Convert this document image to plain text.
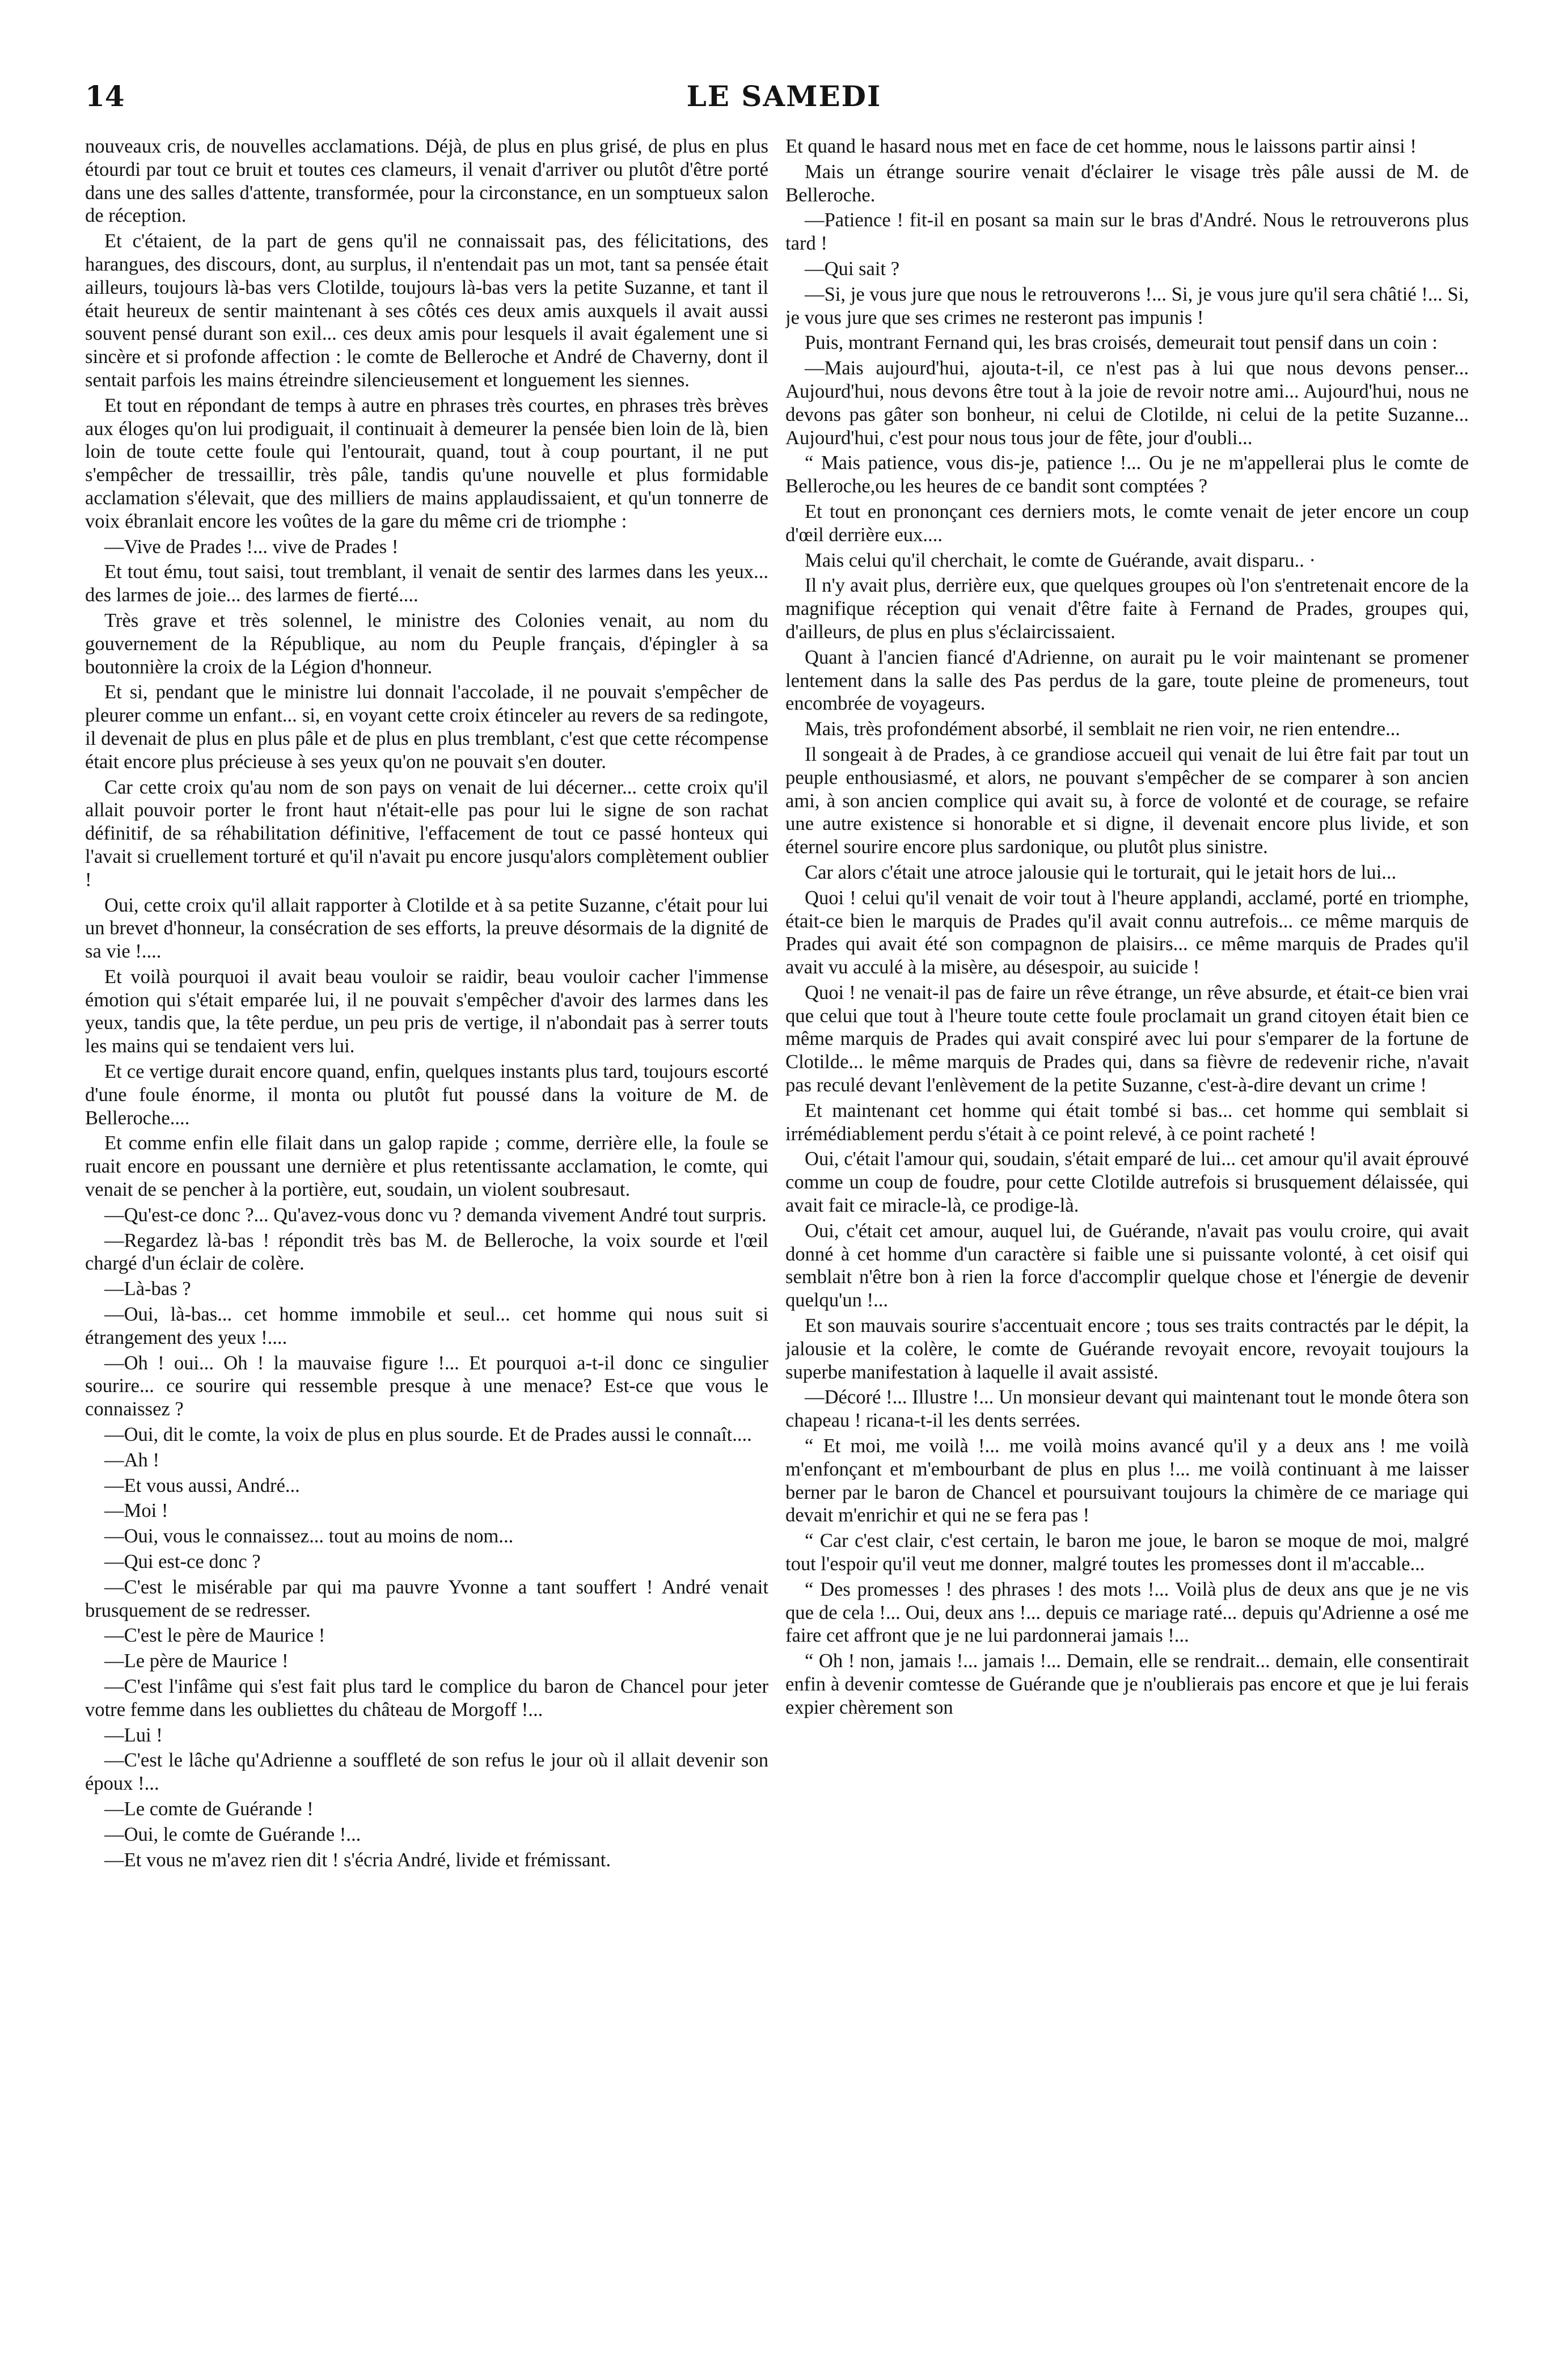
14	LE SAMEDI

nouveaux cris, de nouvelles acclamations. Déjà, de plus en plus grisé, de plus en plus étourdi par tout ce bruit et toutes ces clameurs, il venait d'arriver ou plutôt d'être porté dans une des salles d'attente, transformée, pour la circonstance, en un somptueux salon de réception.

Et c'étaient, de la part de gens qu'il ne connaissait pas, des félicitations, des harangues, des discours, dont, au surplus, il n'entendait pas un mot, tant sa pensée était ailleurs, toujours là-bas vers Clotilde, toujours là-bas vers la petite Suzanne, et tant il était heureux de sentir maintenant à ses côtés ces deux amis auxquels il avait aussi souvent pensé durant son exil... ces deux amis pour lesquels il avait également une si sincère et si profonde affection : le comte de Belleroche et André de Chaverny, dont il sentait parfois les mains étreindre silencieusement et longuement les siennes.

Et tout en répondant de temps à autre en phrases très courtes, en phrases très brèves aux éloges qu'on lui prodiguait, il continuait à demeurer la pensée bien loin de là, bien loin de toute cette foule qui l'entourait, quand, tout à coup pourtant, il ne put s'empêcher de tressaillir, très pâle, tandis qu'une nouvelle et plus formidable acclamation s'élevait, que des milliers de mains applaudissaient, et qu'un tonnerre de voix ébranlait encore les voûtes de la gare du même cri de triomphe :

—Vive de Prades !... vive de Prades !

Et tout ému, tout saisi, tout tremblant, il venait de sentir des larmes dans les yeux... des larmes de joie... des larmes de fierté....

Très grave et très solennel, le ministre des Colonies venait, au nom du gouvernement de la République, au nom du Peuple français, d'épingler à sa boutonnière la croix de la Légion d'honneur.

Et si, pendant que le ministre lui donnait l'accolade, il ne pouvait s'empêcher de pleurer comme un enfant... si, en voyant cette croix étinceler au revers de sa redingote, il devenait de plus en plus pâle et de plus en plus tremblant, c'est que cette récompense était encore plus précieuse à ses yeux qu'on ne pouvait s'en douter.

Car cette croix qu'au nom de son pays on venait de lui décerner... cette croix qu'il allait pouvoir porter le front haut n'était-elle pas pour lui le signe de son rachat définitif, de sa réhabilitation définitive, l'effacement de tout ce passé honteux qui l'avait si cruellement torturé et qu'il n'avait pu encore jusqu'alors complètement oublier !

Oui, cette croix qu'il allait rapporter à Clotilde et à sa petite Suzanne, c'était pour lui un brevet d'honneur, la consécration de ses efforts, la preuve désormais de la dignité de sa vie !....

Et voilà pourquoi il avait beau vouloir se raidir, beau vouloir cacher l'immense émotion qui s'était emparée lui, il ne pouvait s'empêcher d'avoir des larmes dans les yeux, tandis que, la tête perdue, un peu pris de vertige, il n'abondait pas à serrer touts les mains qui se tendaient vers lui.

Et ce vertige durait encore quand, enfin, quelques instants plus tard, toujours escorté d'une foule énorme, il monta ou plutôt fut poussé dans la voiture de M. de Belleroche....

Et comme enfin elle filait dans un galop rapide ; comme, derrière elle, la foule se ruait encore en poussant une dernière et plus retentissante acclamation, le comte, qui venait de se pencher à la portière, eut, soudain, un violent soubresaut.

—Qu'est-ce donc ?... Qu'avez-vous donc vu ? demanda vivement André tout surpris.

—Regardez là-bas ! répondit très bas M. de Belleroche, la voix sourde et l'œil chargé d'un éclair de colère.

—Là-bas ?

—Oui, là-bas... cet homme immobile et seul... cet homme qui nous suit si étrangement des yeux !....

—Oh ! oui... Oh ! la mauvaise figure !... Et pourquoi a-t-il donc ce singulier sourire... ce sourire qui ressemble presque à une menace? Est-ce que vous le connaissez ?

—Oui, dit le comte, la voix de plus en plus sourde. Et de Prades aussi le connaît....

—Ah !

—Et vous aussi, André...

—Moi !

—Oui, vous le connaissez... tout au moins de nom...

—Qui est-ce donc ?

—C'est le misérable par qui ma pauvre Yvonne a tant souffert ! André venait brusquement de se redresser.

—C'est le père de Maurice !

—Le père de Maurice !

—C'est l'infâme qui s'est fait plus tard le complice du baron de Chancel pour jeter votre femme dans les oubliettes du château de Morgoff !...

—Lui !

—C'est le lâche qu'Adrienne a souffleté de son refus le jour où il allait devenir son époux !...

—Le comte de Guérande !

—Oui, le comte de Guérande !...

—Et vous ne m'avez rien dit ! s'écria André, livide et frémissant.

Et quand le hasard nous met en face de cet homme, nous le laissons partir ainsi !

Mais un étrange sourire venait d'éclairer le visage très pâle aussi de M. de Belleroche.

—Patience ! fit-il en posant sa main sur le bras d'André. Nous le retrouverons plus tard !

—Qui sait ?

—Si, je vous jure que nous le retrouverons !... Si, je vous jure qu'il sera châtié !... Si, je vous jure que ses crimes ne resteront pas impunis !

Puis, montrant Fernand qui, les bras croisés, demeurait tout pensif dans un coin :

—Mais aujourd'hui, ajouta-t-il, ce n'est pas à lui que nous devons penser... Aujourd'hui, nous devons être tout à la joie de revoir notre ami... Aujourd'hui, nous ne devons pas gâter son bonheur, ni celui de Clotilde, ni celui de la petite Suzanne... Aujourd'hui, c'est pour nous tous jour de fête, jour d'oubli...

“ Mais patience, vous dis-je, patience !... Ou je ne m'appellerai plus le comte de Belleroche,ou les heures de ce bandit sont comptées ?

Et tout en prononçant ces derniers mots, le comte venait de jeter encore un coup d'œil derrière eux....

Mais celui qu'il cherchait, le comte de Guérande, avait disparu.. ·

Il n'y avait plus, derrière eux, que quelques groupes où l'on s'entretenait encore de la magnifique réception qui venait d'être faite à Fernand de Prades, groupes qui, d'ailleurs, de plus en plus s'éclaircissaient.

Quant à l'ancien fiancé d'Adrienne, on aurait pu le voir maintenant se promener lentement dans la salle des Pas perdus de la gare, toute pleine de promeneurs, tout encombrée de voyageurs.

Mais, très profondément absorbé, il semblait ne rien voir, ne rien entendre...

Il songeait à de Prades, à ce grandiose accueil qui venait de lui être fait par tout un peuple enthousiasmé, et alors, ne pouvant s'empêcher de se comparer à son ancien ami, à son ancien complice qui avait su, à force de volonté et de courage, se refaire une autre existence si honorable et si digne, il devenait encore plus livide, et son éternel sourire encore plus sardonique, ou plutôt plus sinistre.

Car alors c'était une atroce jalousie qui le torturait, qui le jetait hors de lui...

Quoi ! celui qu'il venait de voir tout à l'heure applandi, acclamé, porté en triomphe, était-ce bien le marquis de Prades qu'il avait connu autrefois... ce même marquis de Prades qui avait été son compagnon de plaisirs... ce même marquis de Prades qu'il avait vu acculé à la misère, au désespoir, au suicide !

Quoi ! ne venait-il pas de faire un rêve étrange, un rêve absurde, et était-ce bien vrai que celui que tout à l'heure toute cette foule proclamait un grand citoyen était bien ce même marquis de Prades qui avait conspiré avec lui pour s'emparer de la fortune de Clotilde... le même marquis de Prades qui, dans sa fièvre de redevenir riche, n'avait pas reculé devant l'enlèvement de la petite Suzanne, c'est-à-dire devant un crime !

Et maintenant cet homme qui était tombé si bas... cet homme qui semblait si irrémédiablement perdu s'était à ce point relevé, à ce point racheté !

Oui, c'était l'amour qui, soudain, s'était emparé de lui... cet amour qu'il avait éprouvé comme un coup de foudre, pour cette Clotilde autrefois si brusquement délaissée, qui avait fait ce miracle-là, ce prodige-là.

Oui, c'était cet amour, auquel lui, de Guérande, n'avait pas voulu croire, qui avait donné à cet homme d'un caractère si faible une si puissante volonté, à cet oisif qui semblait n'être bon à rien la force d'accomplir quelque chose et l'énergie de devenir quelqu'un !...

Et son mauvais sourire s'accentuait encore ; tous ses traits contractés par le dépit, la jalousie et la colère, le comte de Guérande revoyait encore, revoyait toujours la superbe manifestation à laquelle il avait assisté.

—Décoré !... Illustre !... Un monsieur devant qui maintenant tout le monde ôtera son chapeau ! ricana-t-il les dents serrées.

“ Et moi, me voilà !... me voilà moins avancé qu'il y a deux ans ! me voilà m'enfonçant et m'embourbant de plus en plus !... me voilà continuant à me laisser berner par le baron de Chancel et poursuivant toujours la chimère de ce mariage qui devait m'enrichir et qui ne se fera pas !

“ Car c'est clair, c'est certain, le baron me joue, le baron se moque de moi, malgré tout l'espoir qu'il veut me donner, malgré toutes les promesses dont il m'accable...

“ Des promesses ! des phrases ! des mots !... Voilà plus de deux ans que je ne vis que de cela !... Oui, deux ans !... depuis ce mariage raté... depuis qu'Adrienne a osé me faire cet affront que je ne lui pardonnerai jamais !...

“ Oh ! non, jamais !... jamais !... Demain, elle se rendrait... demain, elle consentirait enfin à devenir comtesse de Guérande que je n'oublierais pas encore et que je lui ferais expier chèrement son
